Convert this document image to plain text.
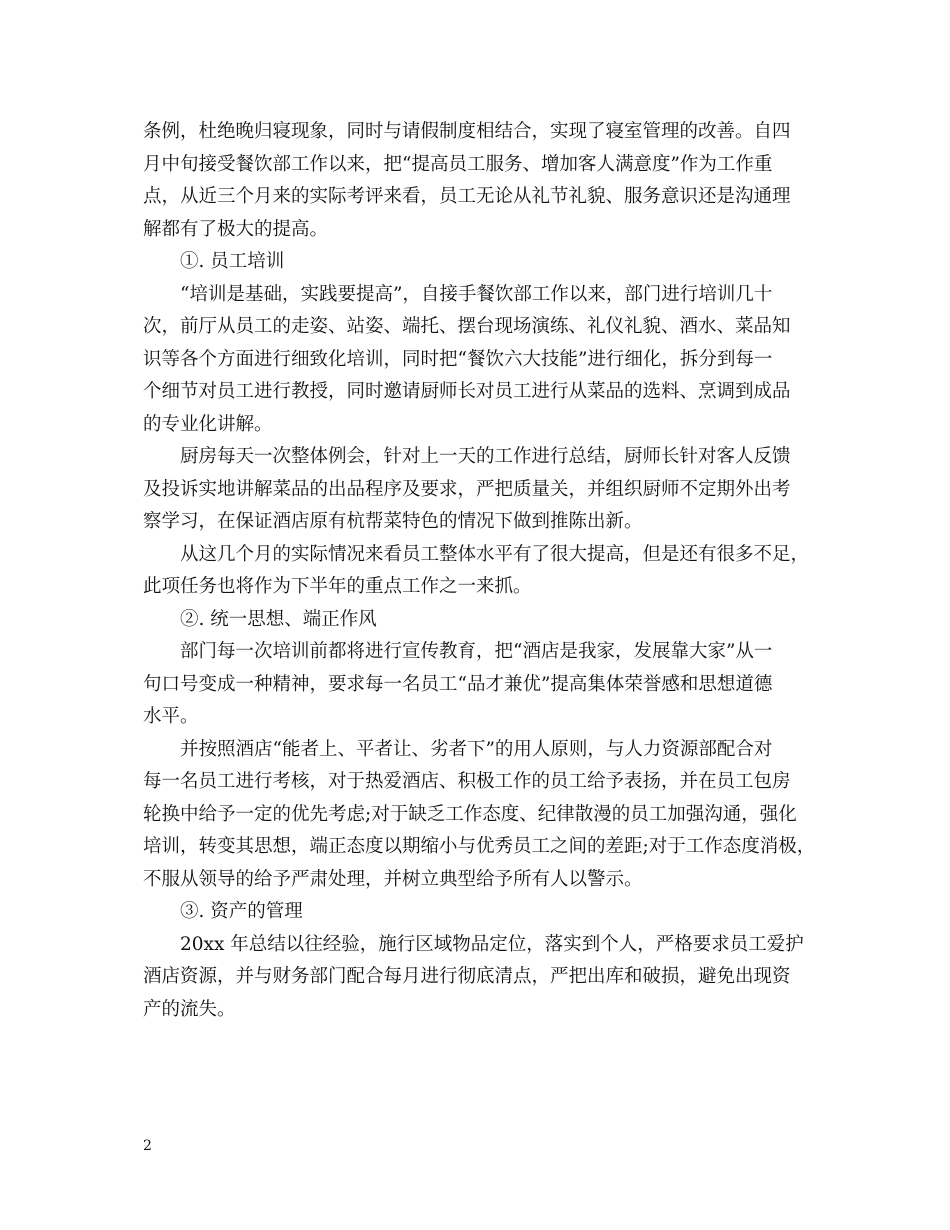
条例，杜绝晚归寝现象，同时与请假制度相结合，实现了寝室管理的改善。自四

月中旬接受餐饮部工作以来，把“提高员工服务、增加客人满意度”作为工作重

点，从近三个月来的实际考评来看，员工无论从礼节礼貌、服务意识还是沟通理

解都有了极大的提高。

①. 员工培训

“培训是基础，实践要提高”，自接手餐饮部工作以来，部门进行培训几十

次，前厅从员工的走姿、站姿、端托、摆台现场演练、礼仪礼貌、酒水、菜品知

识等各个方面进行细致化培训，同时把“餐饮六大技能”进行细化，拆分到每一

个细节对员工进行教授，同时邀请厨师长对员工进行从菜品的选料、烹调到成品

的专业化讲解。

厨房每天一次整体例会，针对上一天的工作进行总结，厨师长针对客人反馈

及投诉实地讲解菜品的出品程序及要求，严把质量关，并组织厨师不定期外出考

察学习，在保证酒店原有杭帮菜特色的情况下做到推陈出新。

从这几个月的实际情况来看员工整体水平有了很大提高，但是还有很多不足，

此项任务也将作为下半年的重点工作之一来抓。

②. 统一思想、端正作风

部门每一次培训前都将进行宣传教育，把“酒店是我家，发展靠大家”从一

句口号变成一种精神，要求每一名员工“品才兼优”提高集体荣誉感和思想道德

水平。

并按照酒店“能者上、平者让、劣者下”的用人原则，与人力资源部配合对

每一名员工进行考核，对于热爱酒店、积极工作的员工给予表扬，并在员工包房

轮换中给予一定的优先考虑;对于缺乏工作态度、纪律散漫的员工加强沟通，强化

培训，转变其思想，端正态度以期缩小与优秀员工之间的差距;对于工作态度消极，

不服从领导的给予严肃处理，并树立典型给予所有人以警示。

③. 资产的管理

20xx 年总结以往经验，施行区域物品定位，落实到个人，严格要求员工爱护

酒店资源，并与财务部门配合每月进行彻底清点，严把出库和破损，避免出现资

产的流失。

2
